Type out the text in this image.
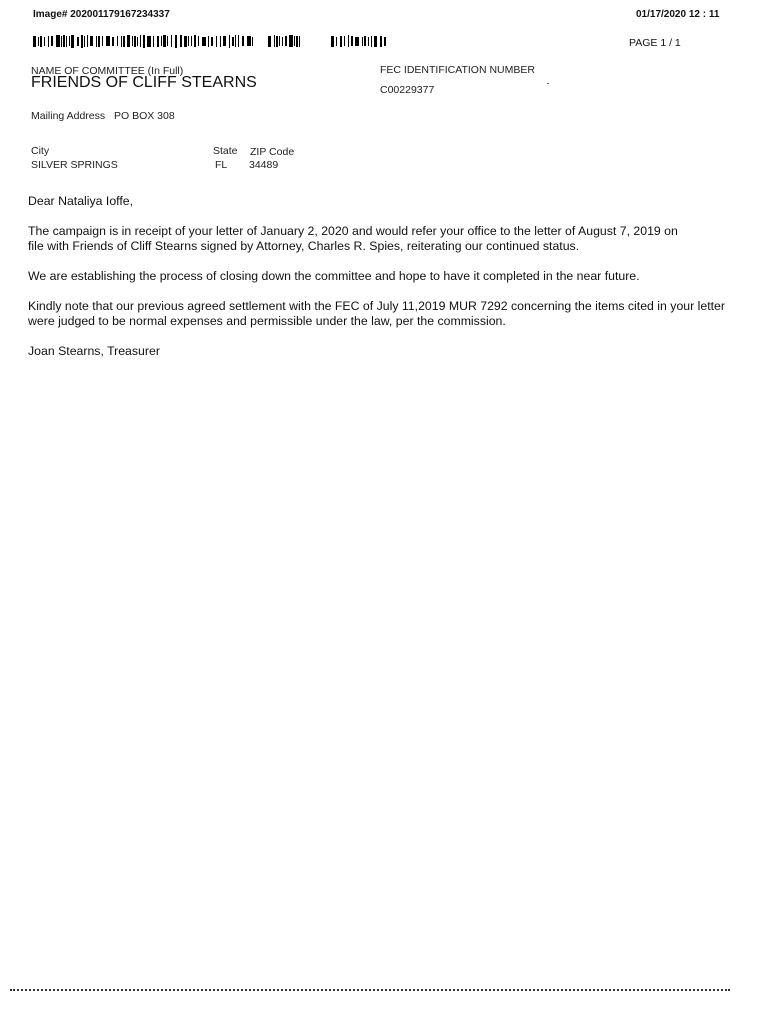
Image# 202001179167234337	01/17/2020 12 : 11
PAGE 1 / 1
NAME OF COMMITTEE (In Full)
FRIENDS OF CLIFF STEARNS
FEC IDENTIFICATION NUMBER
C00229377
Mailing Address PO BOX 308
City
SILVER SPRINGS
State
FL
ZIP Code
34489
Dear Nataliya Ioffe,
The campaign is in receipt of your letter of January 2, 2020 and would refer your office to the letter of August 7, 2019 on file with Friends of Cliff Stearns signed by Attorney, Charles R. Spies, reiterating our continued status.
We are establishing the process of closing down the committee and hope to have it completed in the near future.
Kindly note that our previous agreed settlement with the FEC of July 11,2019 MUR 7292 concerning the items cited in your letter were judged to be normal expenses and permissible under the law, per the commission.
Joan Stearns, Treasurer
